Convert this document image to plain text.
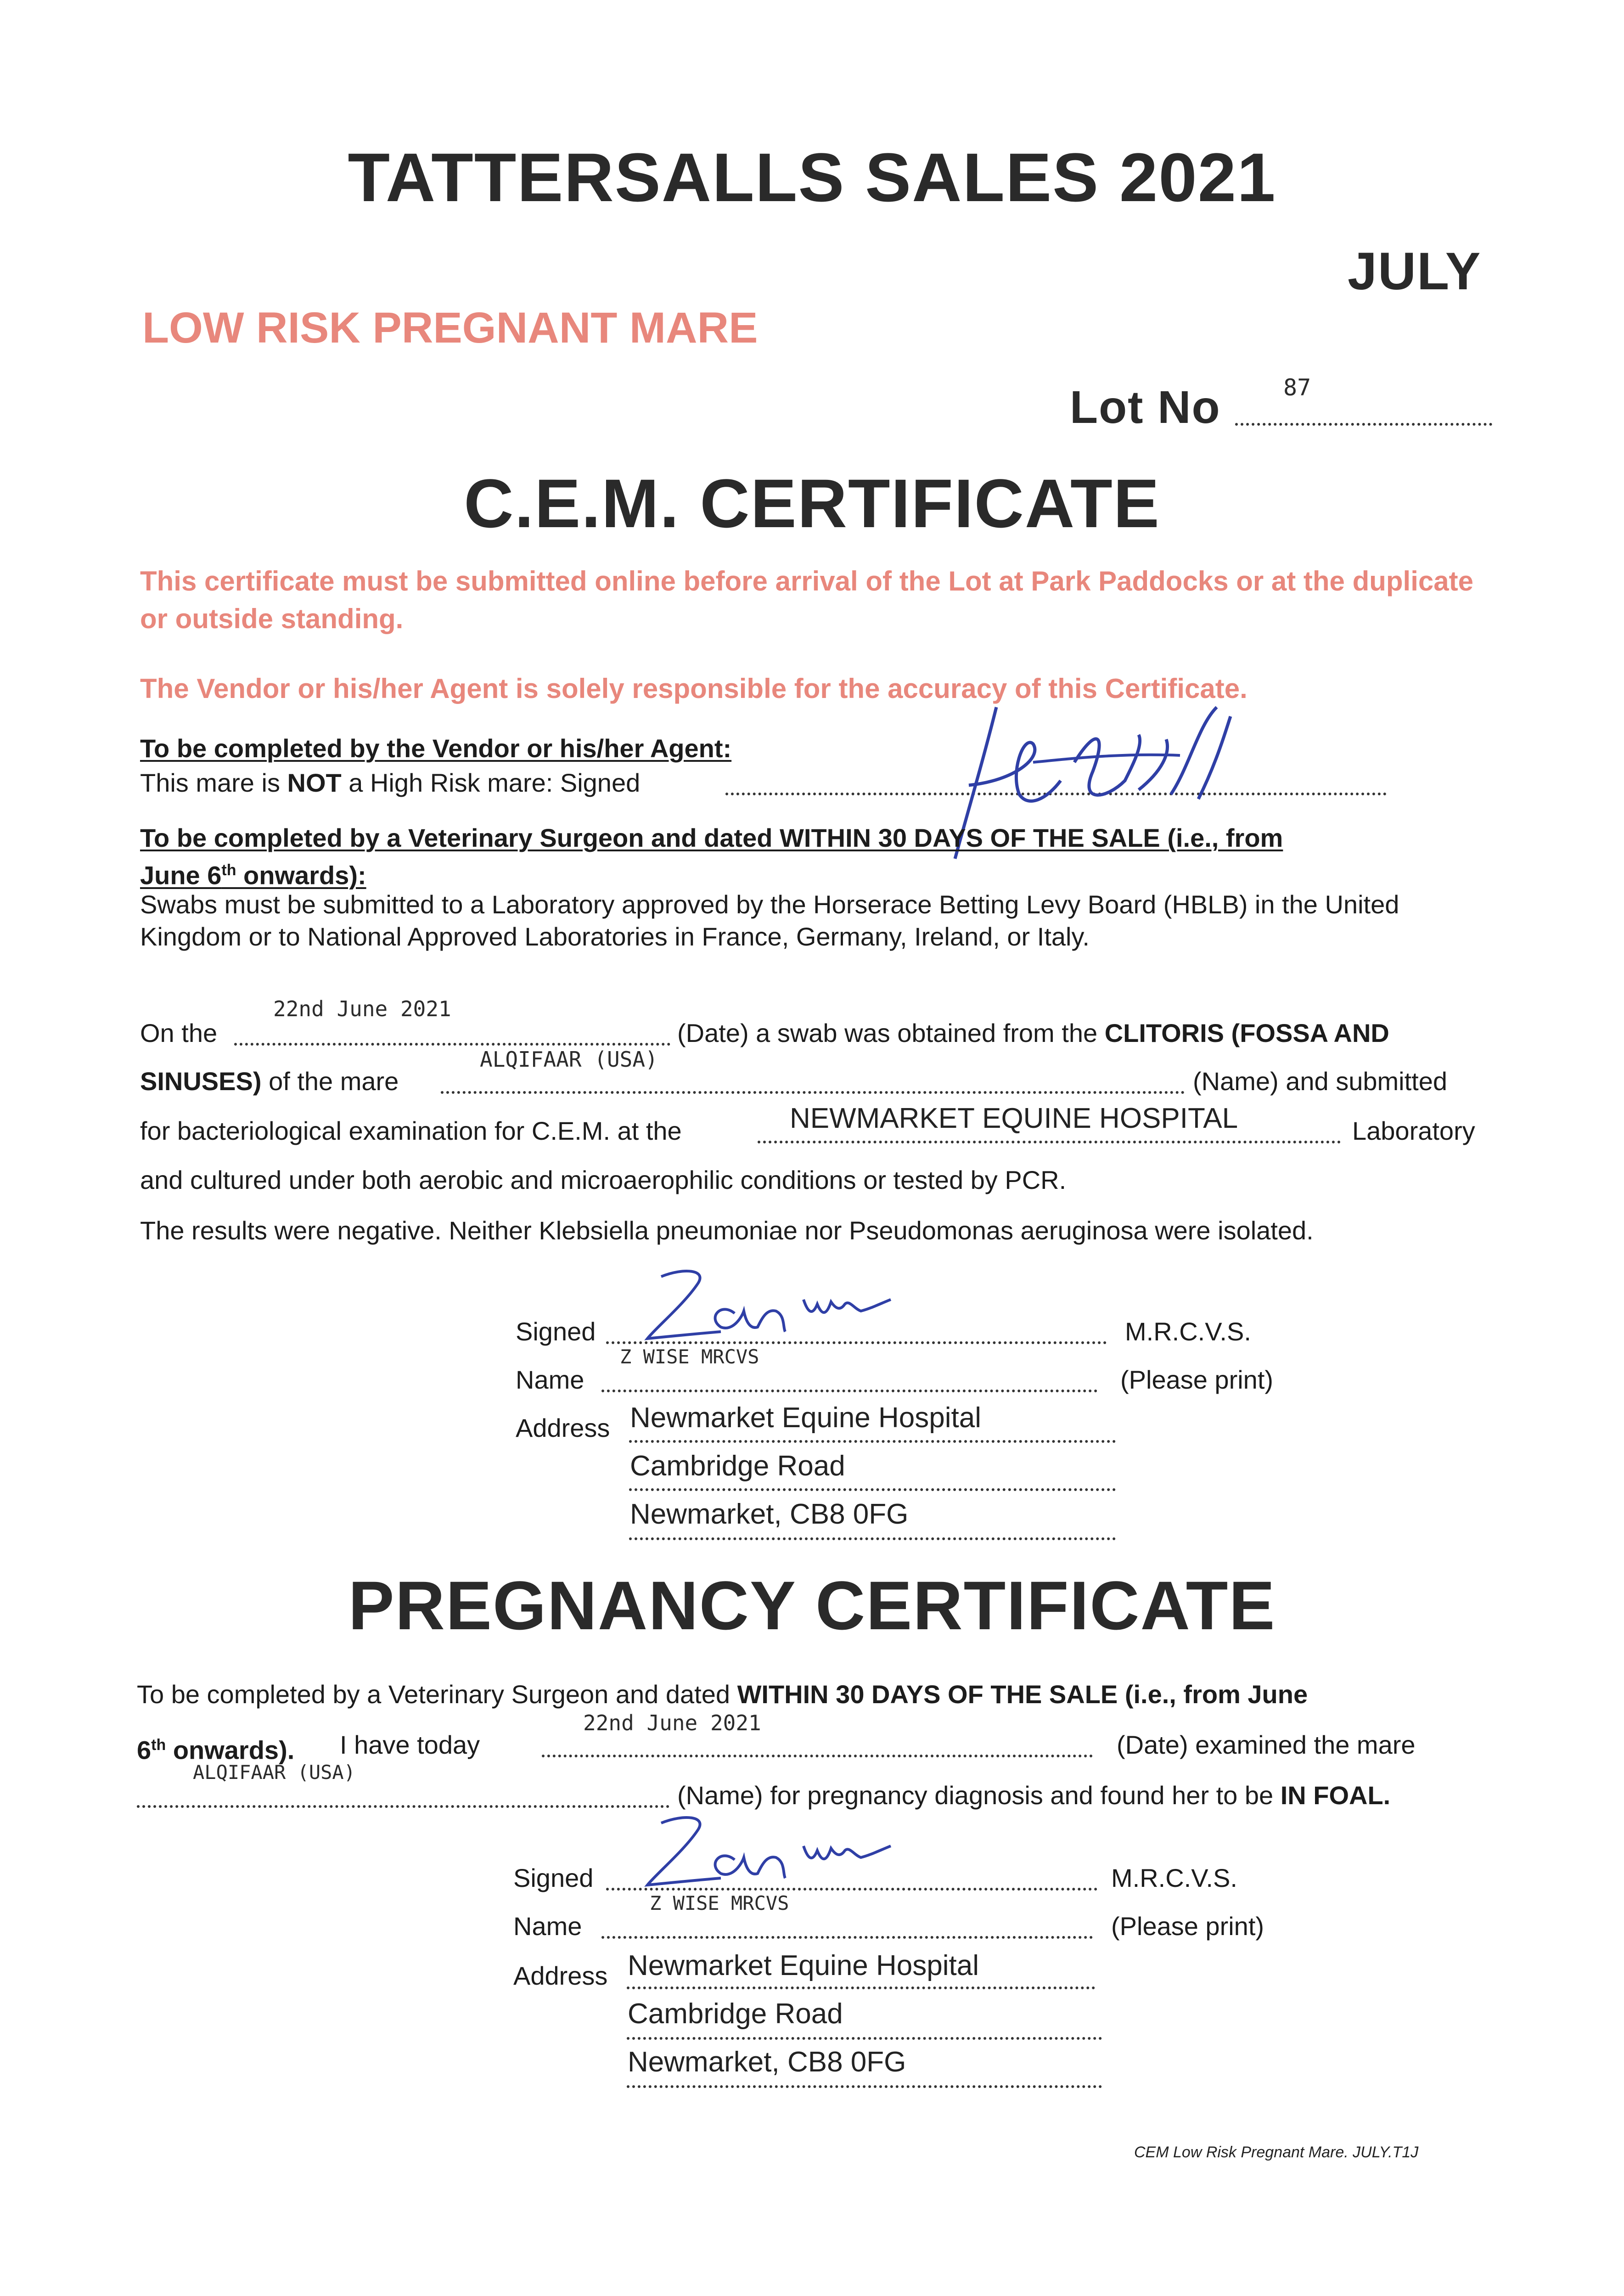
TATTERSALLS SALES 2021
JULY
LOW RISK PREGNANT MARE
Lot No	87
C.E.M. CERTIFICATE
This certificate must be submitted online before arrival of the Lot at Park Paddocks or at the duplicate or outside standing.
The Vendor or his/her Agent is solely responsible for the accuracy of this Certificate.
To be completed by the Vendor or his/her Agent:
This mare is NOT a High Risk mare: Signed
To be completed by a Veterinary Surgeon and dated WITHIN 30 DAYS OF THE SALE (i.e., from
June 6th onwards):
Swabs must be submitted to a Laboratory approved by the Horserace Betting Levy Board (HBLB) in the United Kingdom or to National Approved Laboratories in France, Germany, Ireland, or Italy.
On the
22nd June 2021
(Date) a swab was obtained from the CLITORIS (FOSSA AND
SINUSES) of the mare
ALQIFAAR (USA)
(Name) and submitted
for bacteriological examination for C.E.M. at the	NEWMARKET EQUINE HOSPITAL	Laboratory
and cultured under both aerobic and microaerophilic conditions or tested by PCR.
The results were negative. Neither Klebsiella pneumoniae nor Pseudomonas aeruginosa were isolated.
Signed	M.R.C.V.S.
Name
Z WISE MRCVS
(Please print)
Address Newmarket Equine Hospital
Cambridge Road
Newmarket, CB8 0FG
PREGNANCY CERTIFICATE
To be completed by a Veterinary Surgeon and dated WITHIN 30 DAYS OF THE SALE (i.e., from June
6th onwards). I have today
22nd June 2021
(Date) examined the mare
ALQIFAAR (USA)
(Name) for pregnancy diagnosis and found her to be IN FOAL.
Signed	M.R.C.V.S.
Name
Z WISE MRCVS
(Please print)
Address Newmarket Equine Hospital
Cambridge Road
Newmarket, CB8 0FG
CEM Low Risk Pregnant Mare. JULY.T1J
